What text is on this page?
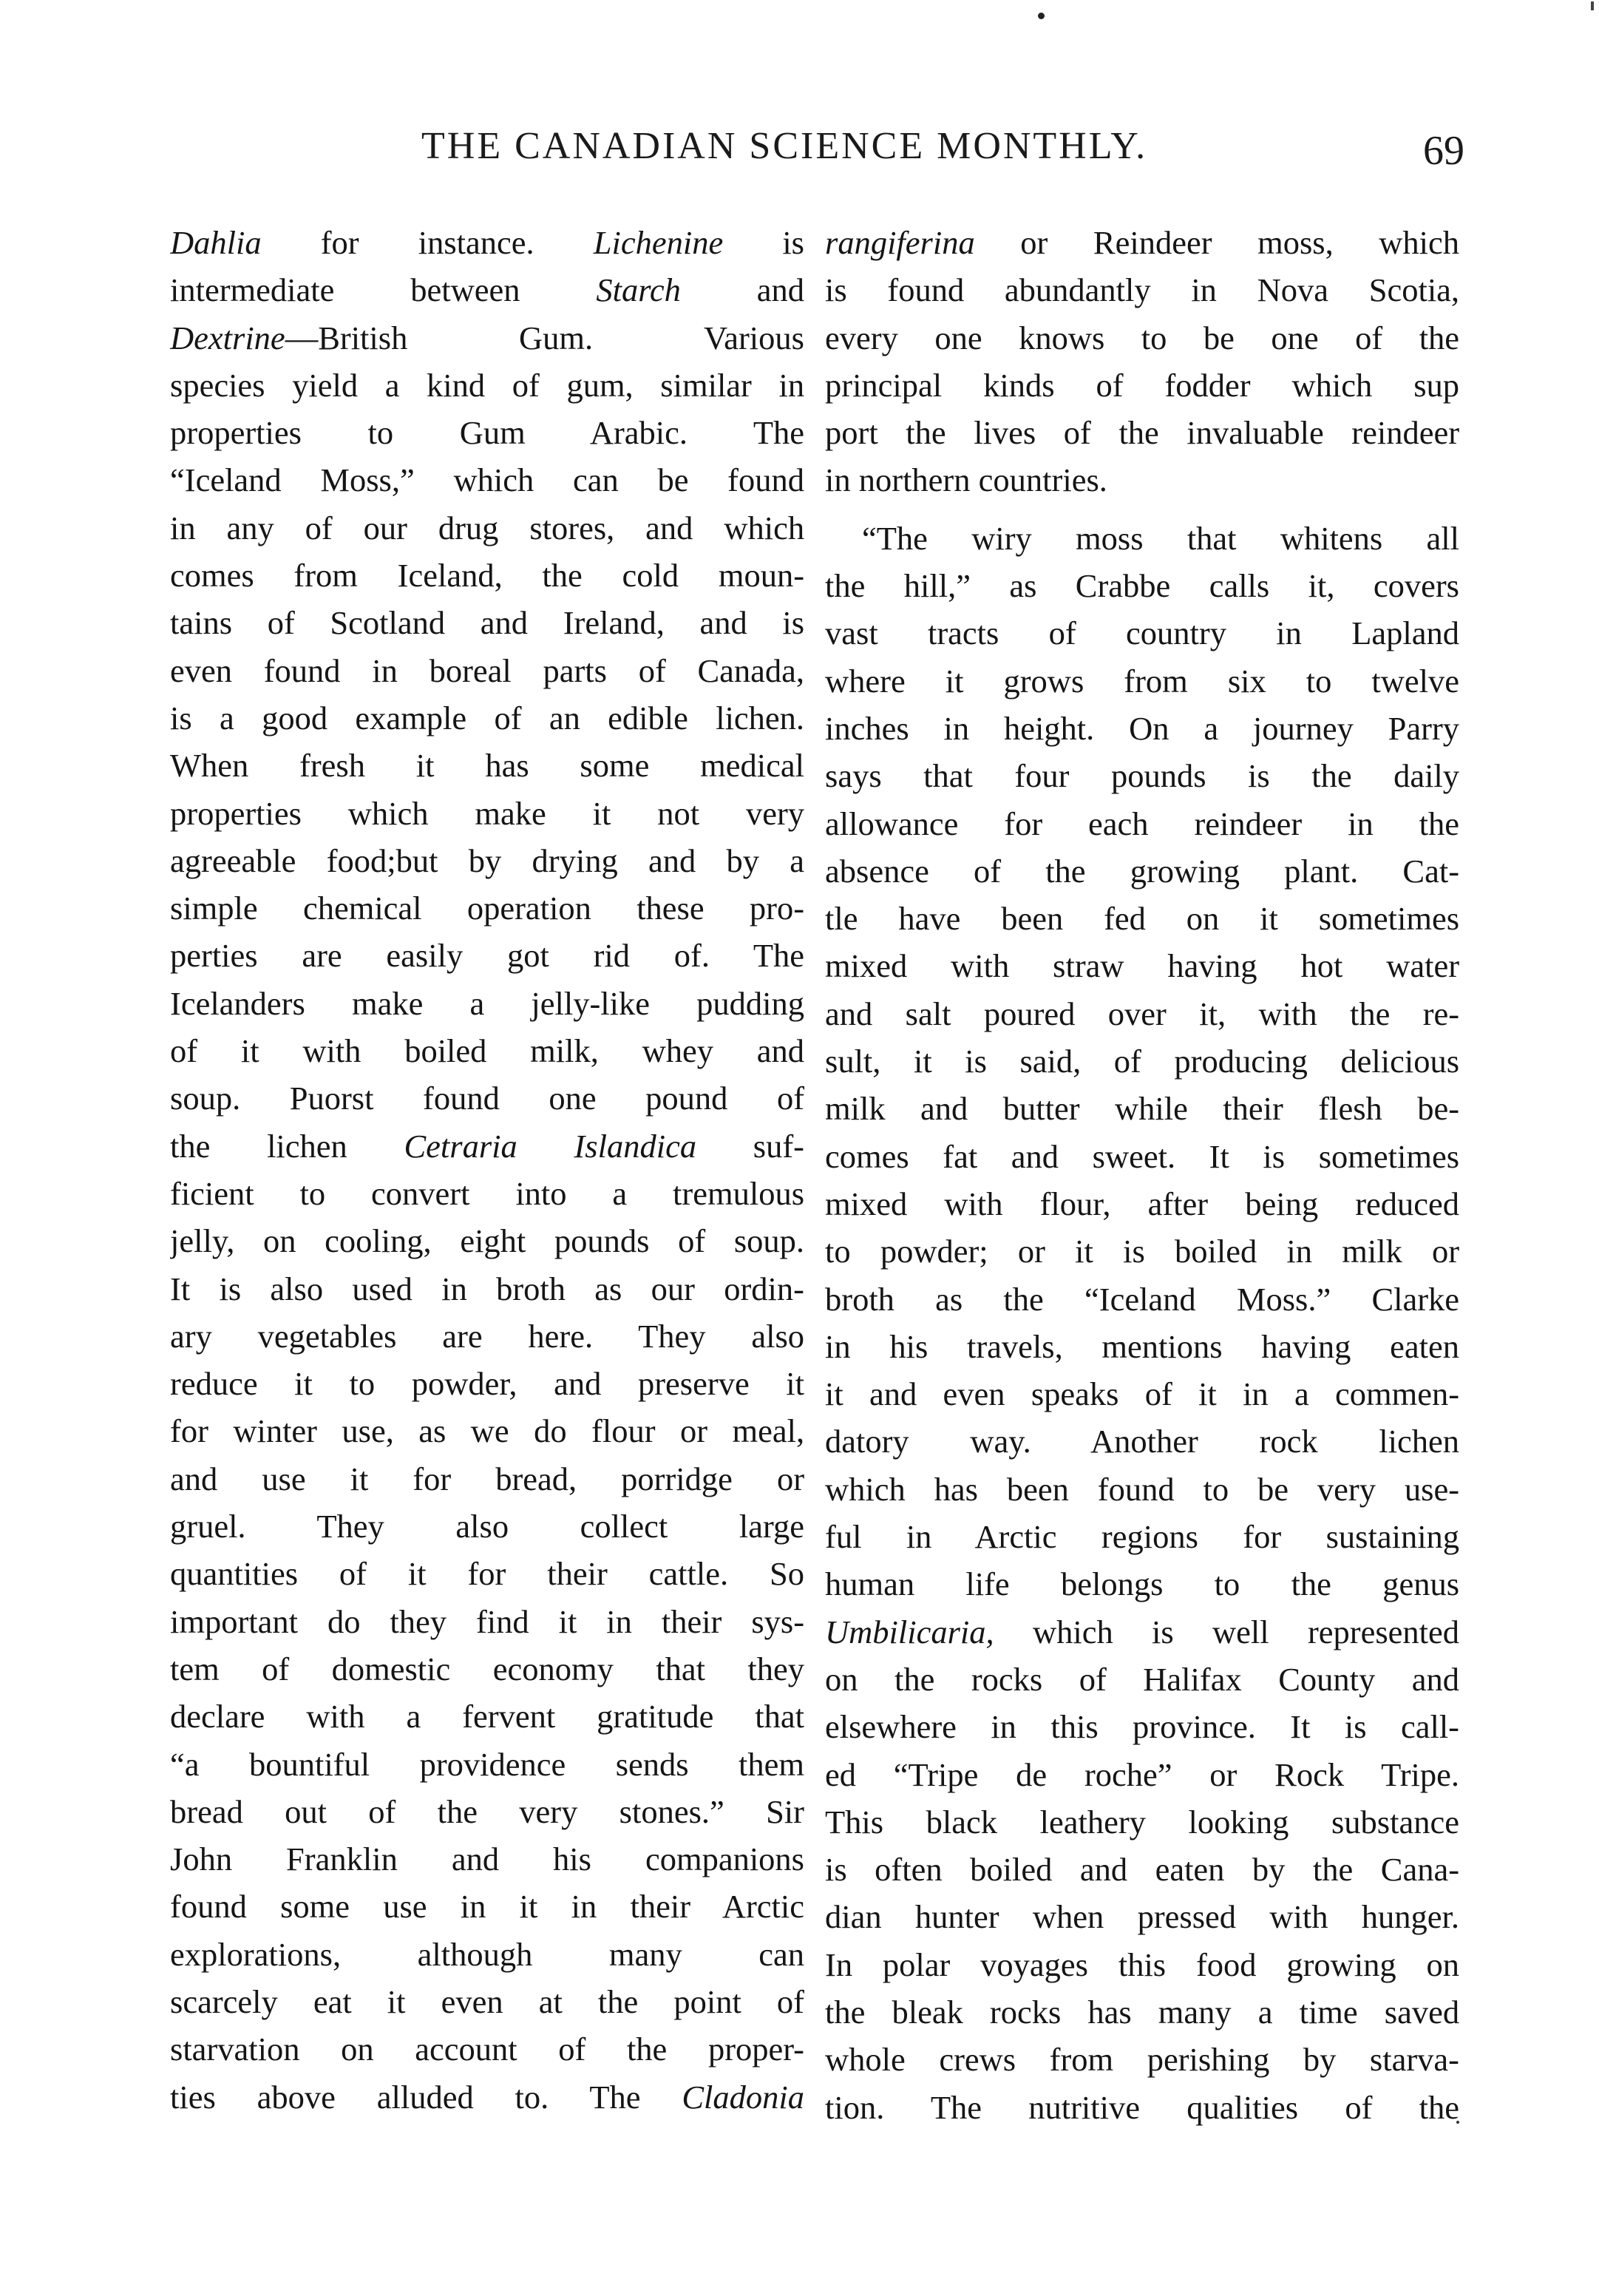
THE CANADIAN SCIENCE MONTHLY.	69
Dahlia for instance. Lichenine is
intermediate between Starch and
Dextrine—British	Gum.	Various
species yield a kind of gum, similar in
properties to Gum Arabic. The
“Iceland Moss,” which can be found
in any of our drug stores, and which
comes from Iceland, the cold moun-
tains of Scotland and Ireland, and is
even found in boreal parts of Canada,
is a good example of an edible lichen.
When fresh it has some medical
properties which make it not very
agreeable food;but by drying and by a
simple chemical operation these pro-
perties are easily got rid of. The
Icelanders make a jelly-like pudding
of it with boiled milk, whey and
soup. Puorst found one pound of
the lichen Cetraria Islandica suf-
ficient to convert into a tremulous
jelly, on cooling, eight pounds of soup.
It is also used in broth as our ordin-
ary vegetables are here. They also
reduce it to powder, and preserve it
for winter use, as we do flour or meal,
and use it for bread, porridge or
gruel. They also collect large
quantities of it for their cattle. So
important do they find it in their sys-
tem of domestic economy that they
declare with a fervent gratitude that
“a bountiful providence sends them
bread out of the very stones.” Sir
John Franklin and his companions
found some use in it in their Arctic
explorations, although many can
scarcely eat it even at the point of
starvation on account of the proper-
ties above alluded to. The Cladonia
rangiferina or Reindeer moss, which
is found abundantly in Nova Scotia,
every one knows to be one of the
principal kinds of fodder which sup
port the lives of the invaluable reindeer
in northern countries.
“The wiry moss that whitens all
the hill,” as Crabbe calls it, covers
vast tracts of country in Lapland
where it grows from six to twelve
inches in height. On a journey Parry
says that four pounds is the daily
allowance for each reindeer in the
absence of the growing plant. Cat-
tle have been fed on it sometimes
mixed with straw having hot water
and salt poured over it, with the re-
sult, it is said, of producing delicious
milk and butter while their flesh be-
comes fat and sweet. It is sometimes
mixed with flour, after being reduced
to powder; or it is boiled in milk or
broth as the “Iceland Moss.” Clarke
in his travels, mentions having eaten
it and even speaks of it in a commen-
datory way. Another rock lichen
which has been found to be very use-
ful in Arctic regions for sustaining
human life belongs to the genus
Umbilicaria, which is well represented
on the rocks of Halifax County and
elsewhere in this province. It is call-
ed “Tripe de roche” or Rock Tripe.
This black leathery looking substance
is often boiled and eaten by the Cana-
dian hunter when pressed with hunger.
In polar voyages this food growing on
the bleak rocks has many a time saved
whole crews from perishing by starva-
tion. The nutritive qualities of the
